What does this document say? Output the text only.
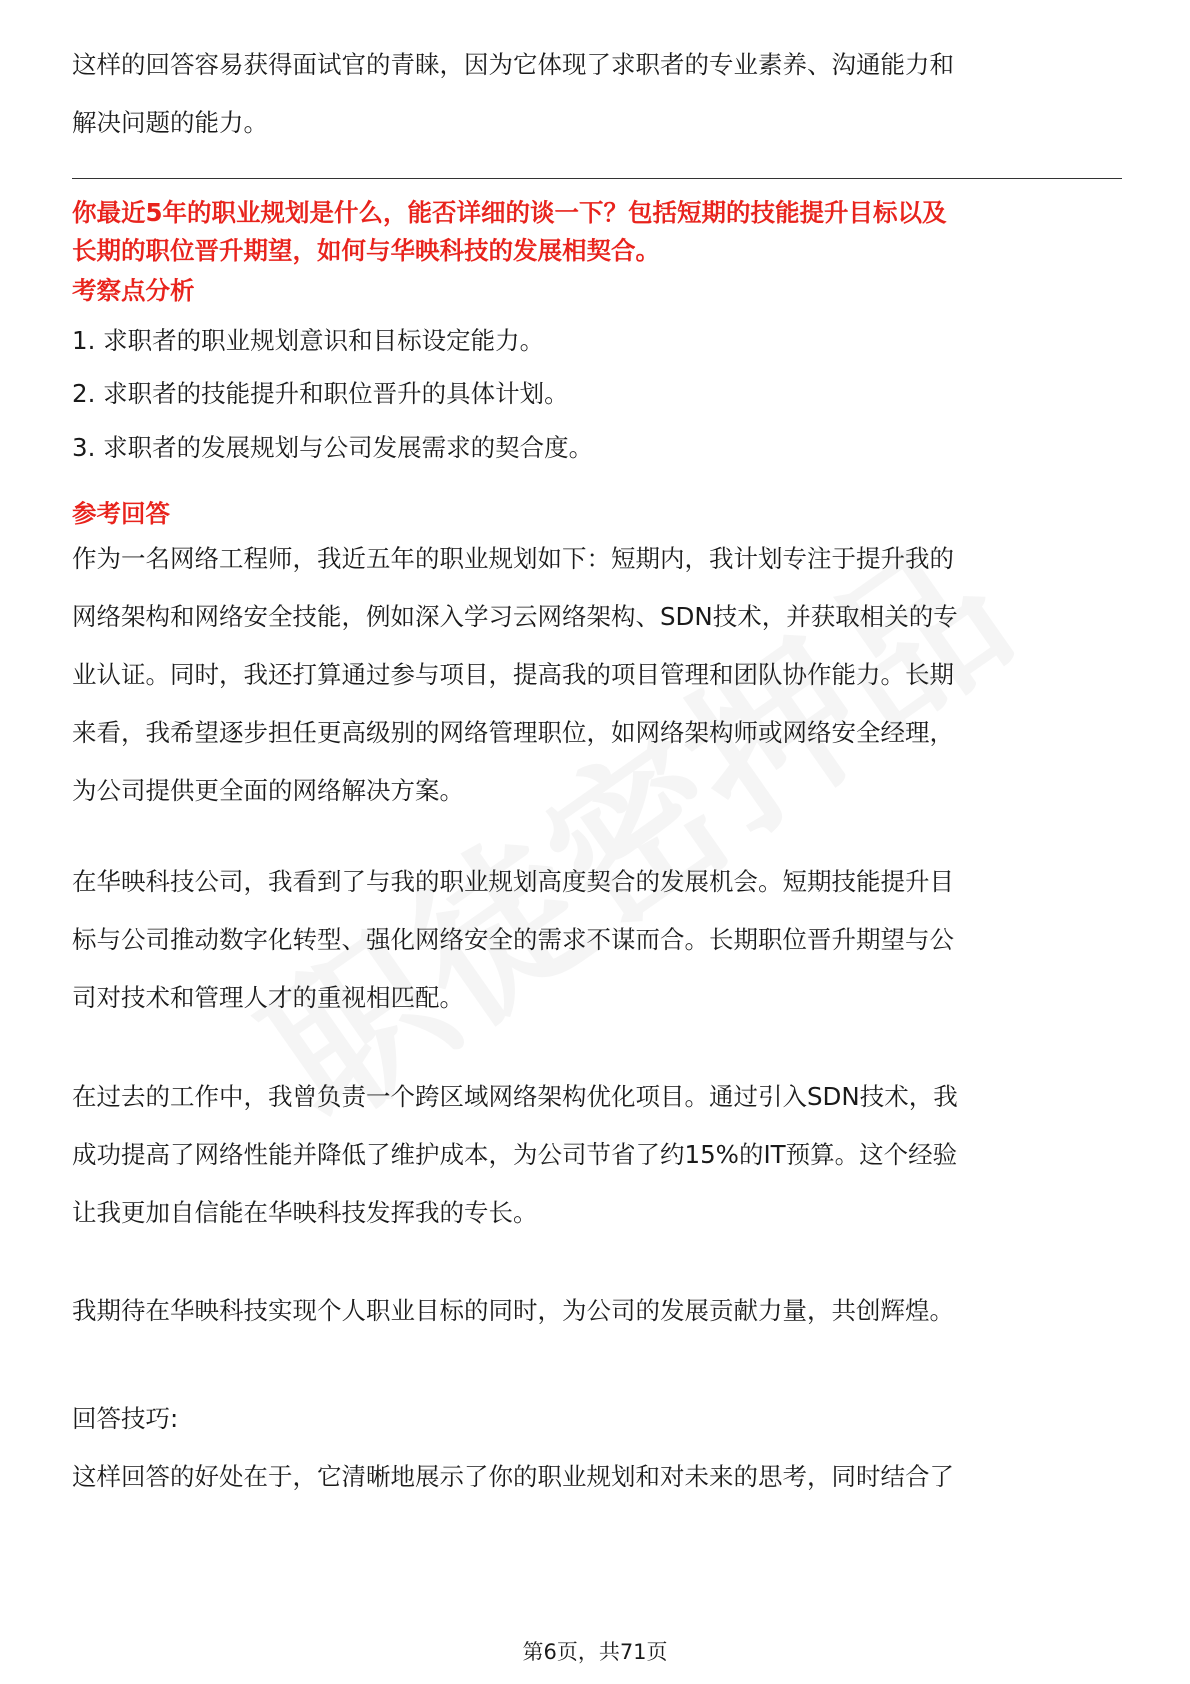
这样的回答容易获得面试官的青睐，因为它体现了求职者的专业素养、沟通能力和

解决问题的能力。

你最近5年的职业规划是什么，能否详细的谈一下？包括短期的技能提升目标以及
长期的职位晋升期望，如何与华映科技的发展相契合。

考察点分析

1. 求职者的职业规划意识和目标设定能力。

2. 求职者的技能提升和职位晋升的具体计划。

3. 求职者的发展规划与公司发展需求的契合度。

参考回答

作为一名网络工程师，我近五年的职业规划如下：短期内，我计划专注于提升我的

网络架构和网络安全技能，例如深入学习云网络架构、SDN技术，并获取相关的专

业认证。同时，我还打算通过参与项目，提高我的项目管理和团队协作能力。长期

来看，我希望逐步担任更高级别的网络管理职位，如网络架构师或网络安全经理，

为公司提供更全面的网络解决方案。

在华映科技公司，我看到了与我的职业规划高度契合的发展机会。短期技能提升目

标与公司推动数字化转型、强化网络安全的需求不谋而合。长期职位晋升期望与公

司对技术和管理人才的重视相匹配。

在过去的工作中，我曾负责一个跨区域网络架构优化项目。通过引入SDN技术，我

成功提高了网络性能并降低了维护成本，为公司节省了约15%的IT预算。这个经验

让我更加自信能在华映科技发挥我的专长。

我期待在华映科技实现个人职业目标的同时，为公司的发展贡献力量，共创辉煌。

回答技巧:

这样回答的好处在于，它清晰地展示了你的职业规划和对未来的思考，同时结合了

第6页，共71页
